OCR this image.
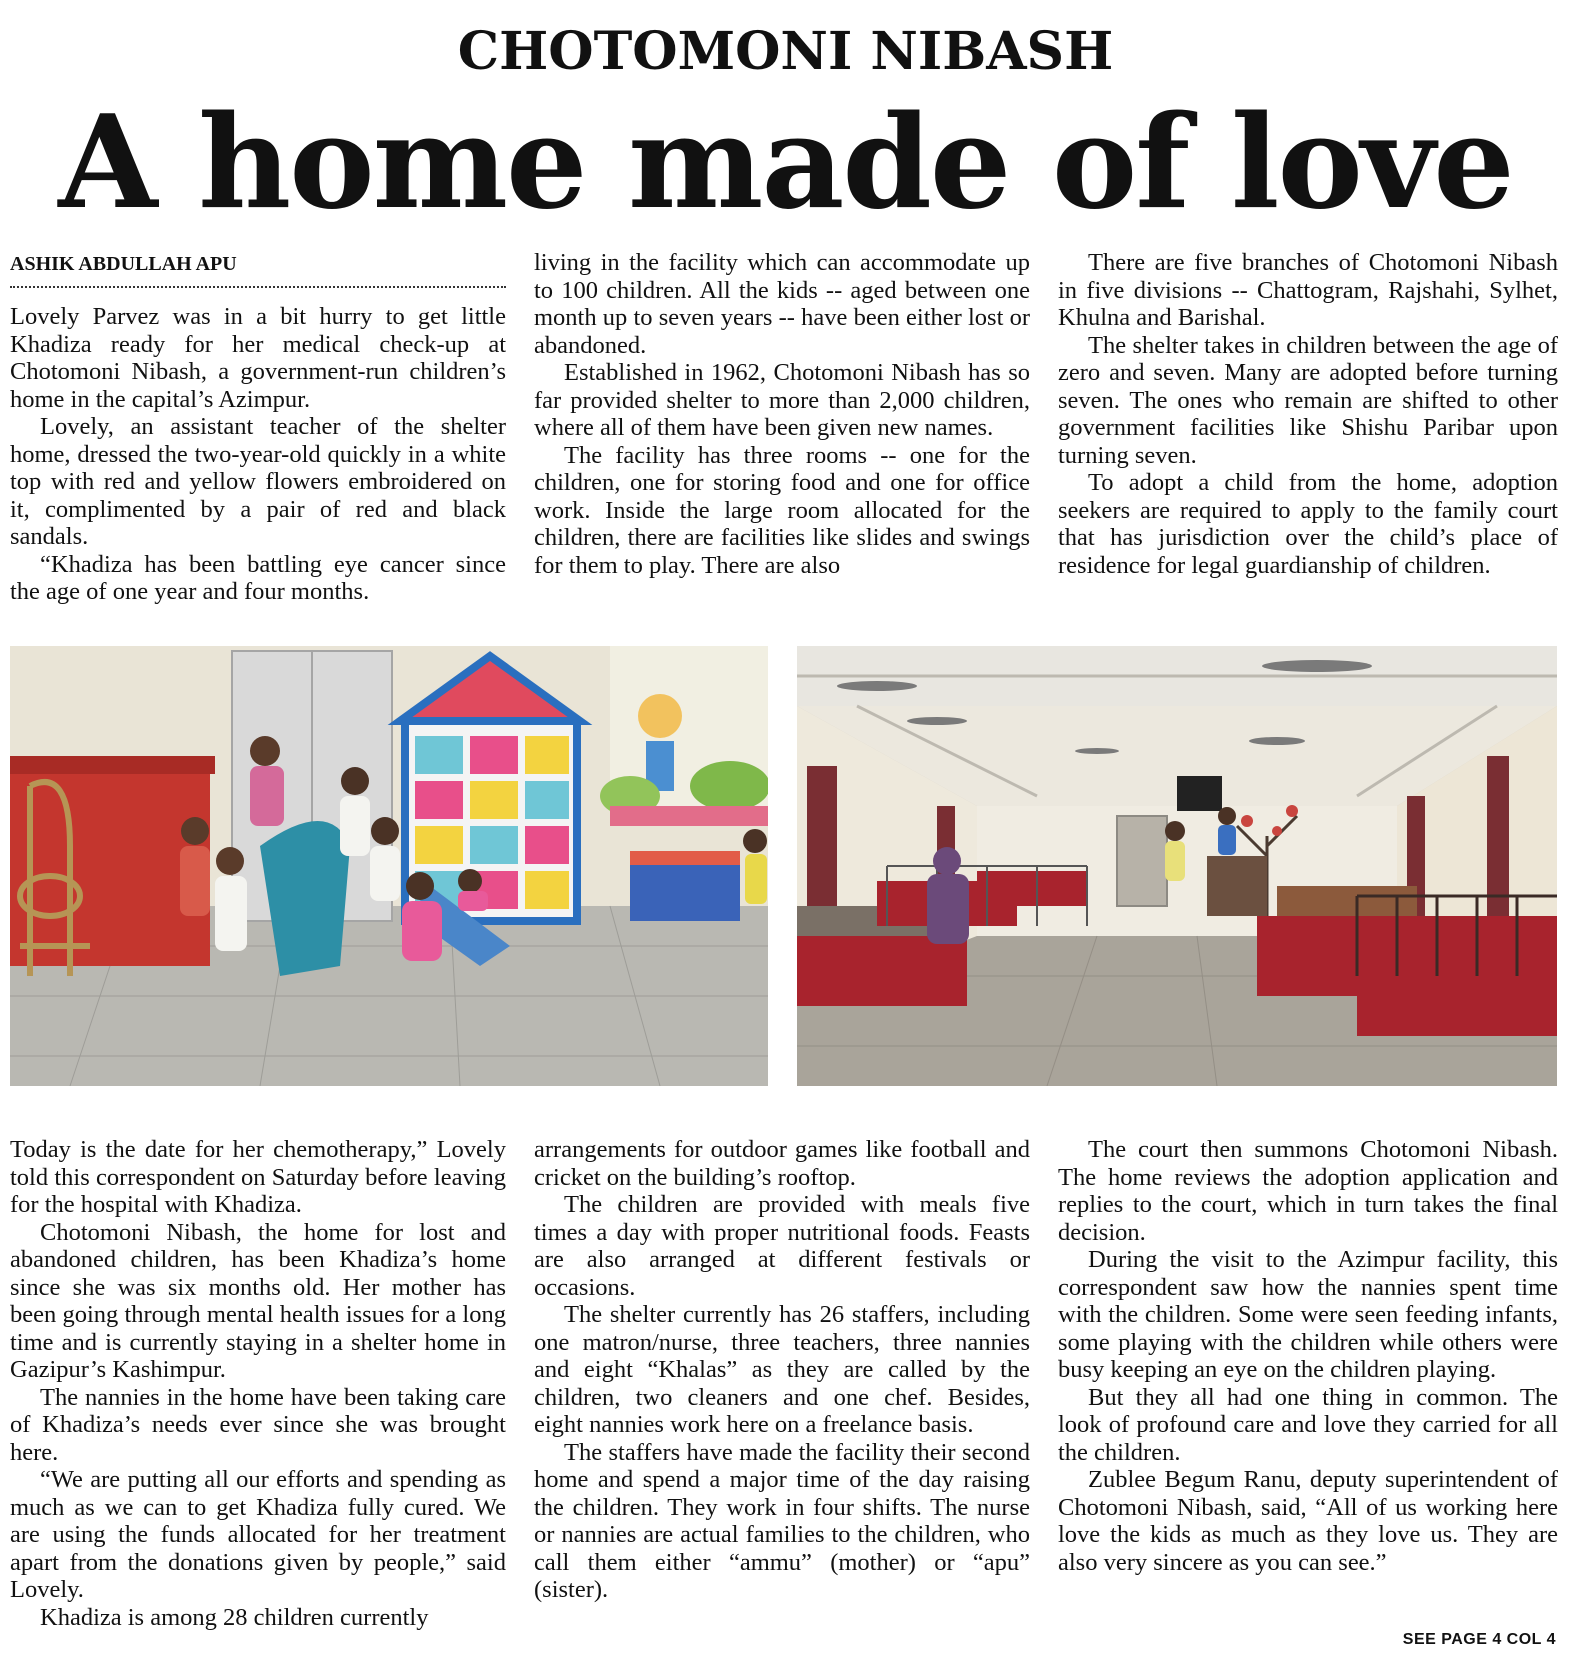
CHOTOMONI NIBASH
A home made of love
ASHIK ABDULLAH APU

Lovely Parvez was in a bit hurry to get little Khadiza ready for her medical check-up at Chotomoni Nibash, a government-run children’s home in the capital’s Azimpur.

Lovely, an assistant teacher of the shelter home, dressed the two-year-old quickly in a white top with red and yellow flowers embroidered on it, complimented by a pair of red and black sandals.

“Khadiza has been battling eye cancer since the age of one year and four months.

living in the facility which can accommodate up to 100 children. All the kids -- aged between one month up to seven years -- have been either lost or abandoned.

Established in 1962, Chotomoni Nibash has so far provided shelter to more than 2,000 children, where all of them have been given new names.

The facility has three rooms -- one for the children, one for storing food and one for office work. Inside the large room allocated for the children, there are facilities like slides and swings for them to play. There are also

There are five branches of Chotomoni Nibash in five divisions -- Chattogram, Rajshahi, Sylhet, Khulna and Barishal.

The shelter takes in children between the age of zero and seven. Many are adopted before turning seven. The ones who remain are shifted to other government facilities like Shishu Paribar upon turning seven.

To adopt a child from the home, adoption seekers are required to apply to the family court that has jurisdiction over the child’s place of residence for legal guardianship of children.

Today is the date for her chemotherapy,” Lovely told this correspondent on Saturday before leaving for the hospital with Khadiza.

Chotomoni Nibash, the home for lost and abandoned children, has been Khadiza’s home since she was six months old. Her mother has been going through mental health issues for a long time and is currently staying in a shelter home in Gazipur’s Kashimpur.

The nannies in the home have been taking care of Khadiza’s needs ever since she was brought here.

“We are putting all our efforts and spending as much as we can to get Khadiza fully cured. We are using the funds allocated for her treatment apart from the donations given by people,” said Lovely.

Khadiza is among 28 children currently

arrangements for outdoor games like football and cricket on the building’s rooftop.

The children are provided with meals five times a day with proper nutritional foods. Feasts are also arranged at different festivals or occasions.

The shelter currently has 26 staffers, including one matron/nurse, three teachers, three nannies and eight “Khalas” as they are called by the children, two cleaners and one chef. Besides, eight nannies work here on a freelance basis.

The staffers have made the facility their second home and spend a major time of the day raising the children. They work in four shifts. The nurse or nannies are actual families to the children, who call them either “ammu” (mother) or “apu” (sister).

The court then summons Chotomoni Nibash. The home reviews the adoption application and replies to the court, which in turn takes the final decision.

During the visit to the Azimpur facility, this correspondent saw how the nannies spent time with the children. Some were seen feeding infants, some playing with the children while others were busy keeping an eye on the children playing.

But they all had one thing in common. The look of profound care and love they carried for all the children.

Zublee Begum Ranu, deputy superintendent of Chotomoni Nibash, said, “All of us working here love the kids as much as they love us. They are also very sincere as you can see.”

SEE PAGE 4 COL 4
